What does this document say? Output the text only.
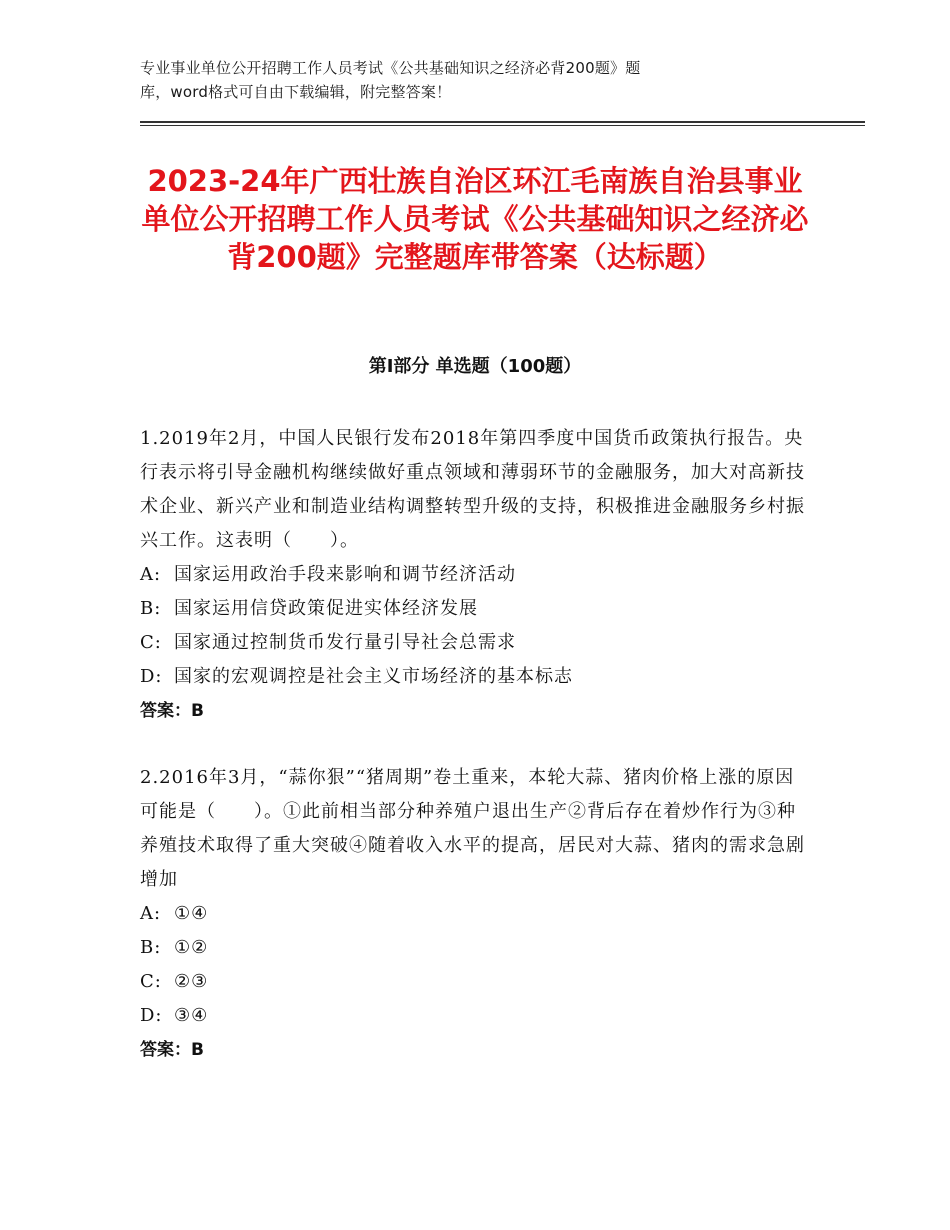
专业事业单位公开招聘工作人员考试《公共基础知识之经济必背200题》题
库，word格式可自由下载编辑，附完整答案！
2023-24年广西壮族自治区环江毛南族自治县事业单位公开招聘工作人员考试《公共基础知识之经济必背200题》完整题库带答案（达标题）
第Ⅰ部分 单选题（100题）

1.2019年2月，中国人民银行发布2018年第四季度中国货币政策执行报告。央行表示将引导金融机构继续做好重点领域和薄弱环节的金融服务，加大对高新技术企业、新兴产业和制造业结构调整转型升级的支持，积极推进金融服务乡村振兴工作。这表明（　　）。

A: 国家运用政治手段来影响和调节经济活动

B: 国家运用信贷政策促进实体经济发展

C: 国家通过控制货币发行量引导社会总需求

D: 国家的宏观调控是社会主义市场经济的基本标志

答案：B

2.2016年3月，“蒜你狠”“猪周期”卷土重来，本轮大蒜、猪肉价格上涨的原因可能是（　　）。①此前相当部分种养殖户退出生产②背后存在着炒作行为③种养殖技术取得了重大突破④随着收入水平的提高，居民对大蒜、猪肉的需求急剧增加

A: ①④

B: ①②

C: ②③

D: ③④

答案：B
